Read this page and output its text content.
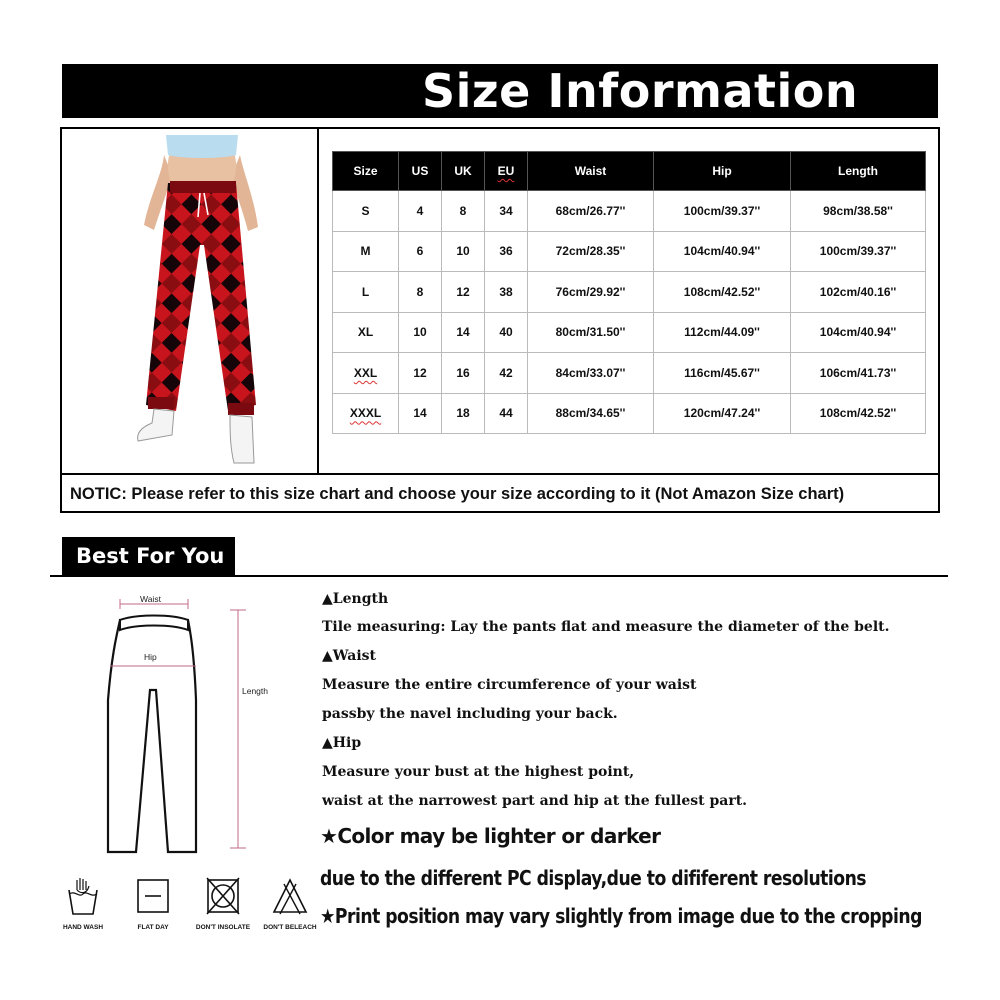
Size Information
Size	US	UK	EU	Waist	Hip	Length
S	4	8	34	68cm/26.77''	100cm/39.37''	98cm/38.58''
M	6	10	36	72cm/28.35''	104cm/40.94''	100cm/39.37''
L	8	12	38	76cm/29.92''	108cm/42.52''	102cm/40.16''
XL	10	14	40	80cm/31.50''	112cm/44.09''	104cm/40.94''
XXL	12	16	42	84cm/33.07''	116cm/45.67''	106cm/41.73''
XXXL	14	18	44	88cm/34.65''	120cm/47.24''	108cm/42.52''
NOTIC: Please refer to this size chart and choose your size according to it (Not Amazon Size chart)
Best For You
Waist
Hip
Length
HAND WASH	FLAT DAY	DON'T INSOLATE	DON'T BELEACH
▲Length
Tile measuring: Lay the pants flat and measure the diameter of the belt.
▲Waist
Measure the entire circumference of your waist
passby the navel including your back.
▲Hip
Measure your bust at the highest point,
waist at the narrowest part and hip at the fullest part.
★Color may be lighter or darker
due to the different PC display,due to dififerent resolutions
★Print position may vary slightly from image due to the cropping
